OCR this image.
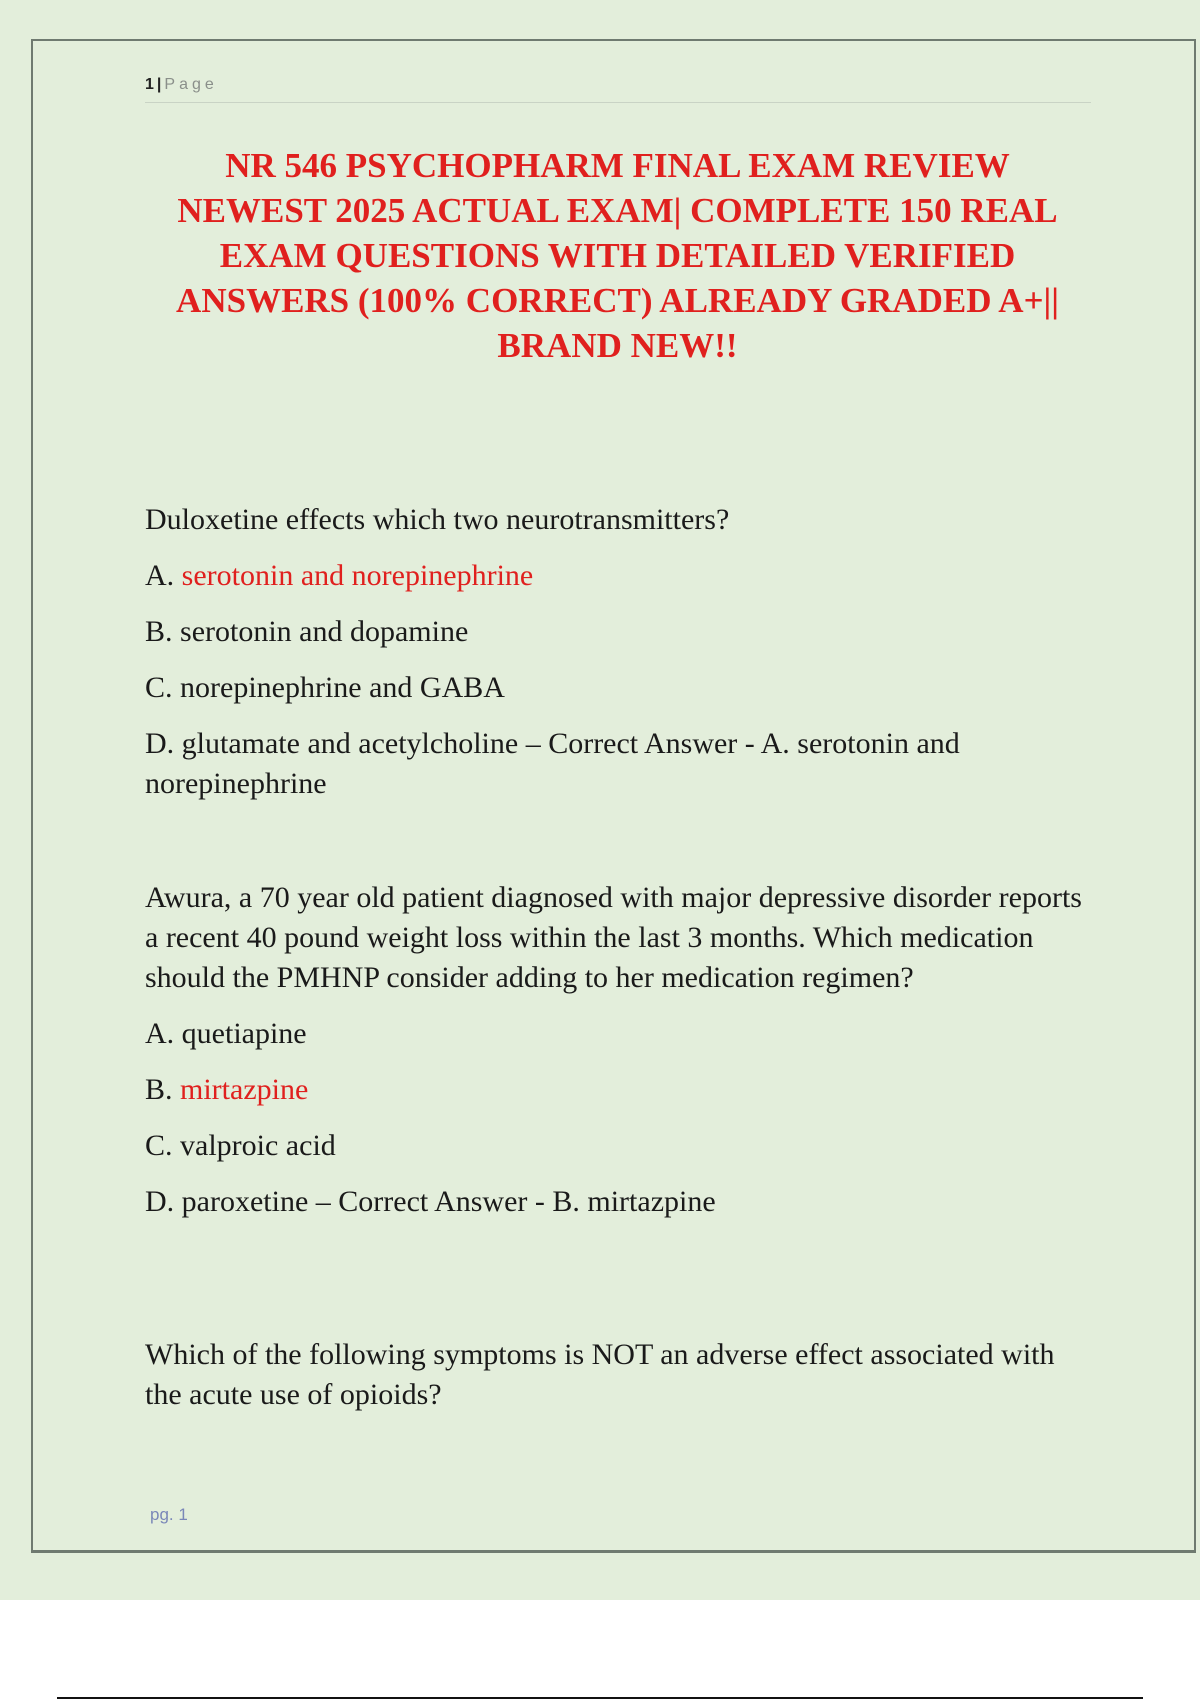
1 | Page
NR 546 PSYCHOPHARM FINAL EXAM REVIEW NEWEST 2025 ACTUAL EXAM| COMPLETE 150 REAL EXAM QUESTIONS WITH DETAILED VERIFIED ANSWERS (100% CORRECT) ALREADY GRADED A+|| BRAND NEW!!

Duloxetine effects which two neurotransmitters?

A. serotonin and norepinephrine

B. serotonin and dopamine

C. norepinephrine and GABA

D. glutamate and acetylcholine – Correct Answer - A. serotonin and norepinephrine

Awura, a 70 year old patient diagnosed with major depressive disorder reports a recent 40 pound weight loss within the last 3 months. Which medication should the PMHNP consider adding to her medication regimen?

A. quetiapine

B. mirtazpine

C. valproic acid

D. paroxetine – Correct Answer - B. mirtazpine

Which of the following symptoms is NOT an adverse effect associated with the acute use of opioids?

pg. 1
